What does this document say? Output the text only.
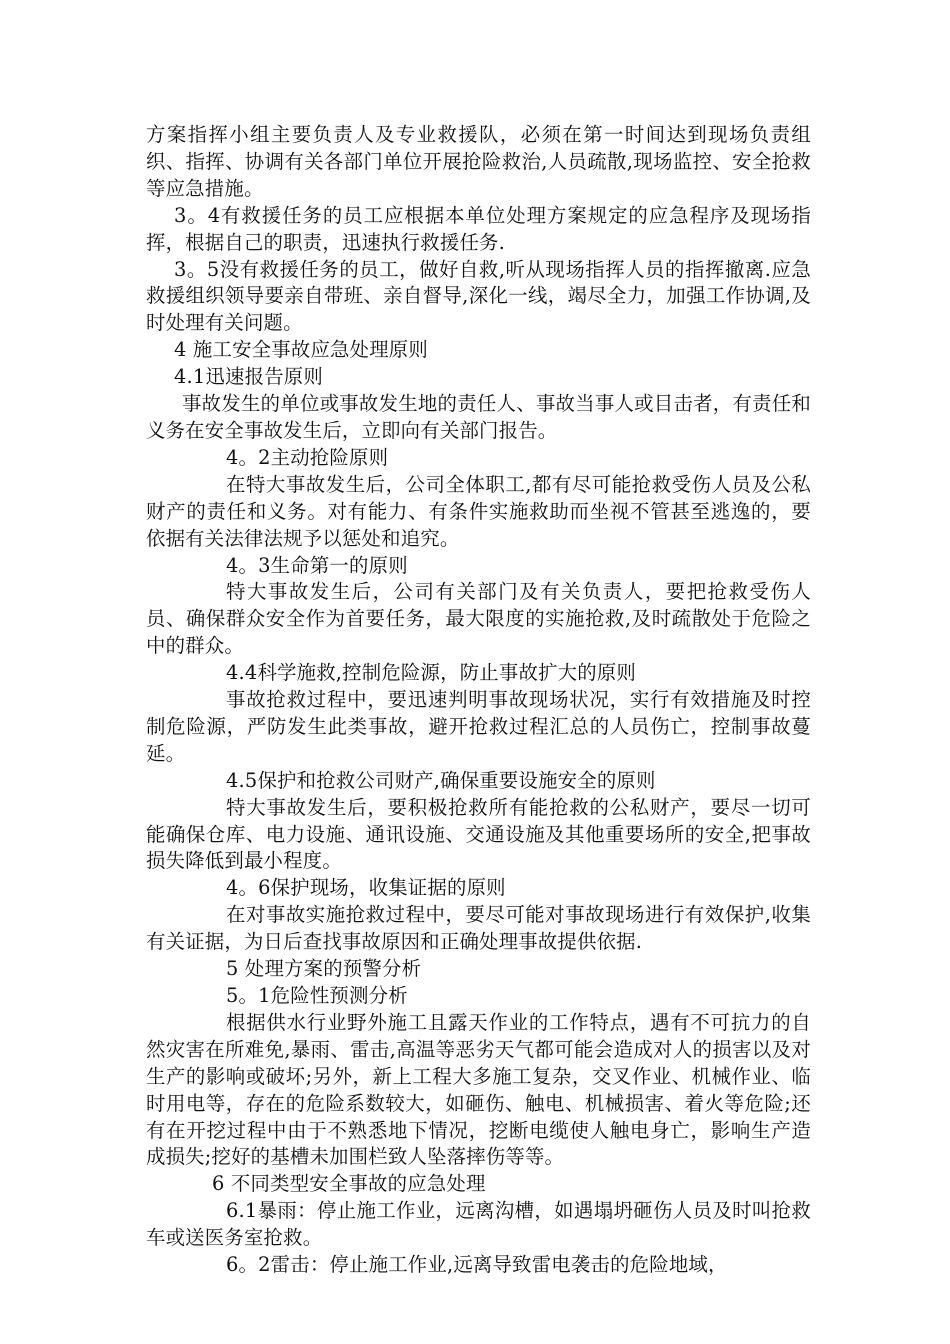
方案指挥小组主要负责人及专业救援队，必须在第一时间达到现场负责组织、指挥、协调有关各部门单位开展抢险救治,人员疏散,现场监控、安全抢救等应急措施。

3。4有救援任务的员工应根据本单位处理方案规定的应急程序及现场指挥，根据自己的职责，迅速执行救援任务.

3。5没有救援任务的员工，做好自救,听从现场指挥人员的指挥撤离.应急救援组织领导要亲自带班、亲自督导,深化一线，竭尽全力，加强工作协调,及时处理有关问题。

4 施工安全事故应急处理原则

4.1迅速报告原则

事故发生的单位或事故发生地的责任人、事故当事人或目击者，有责任和义务在安全事故发生后，立即向有关部门报告。

4。2主动抢险原则

在特大事故发生后，公司全体职工,都有尽可能抢救受伤人员及公私财产的责任和义务。对有能力、有条件实施救助而坐视不管甚至逃逸的，要依据有关法律法规予以惩处和追究。

4。3生命第一的原则

特大事故发生后，公司有关部门及有关负责人，要把抢救受伤人员、确保群众安全作为首要任务，最大限度的实施抢救,及时疏散处于危险之中的群众。

4.4科学施救,控制危险源，防止事故扩大的原则

事故抢救过程中，要迅速判明事故现场状况，实行有效措施及时控制危险源，严防发生此类事故，避开抢救过程汇总的人员伤亡，控制事故蔓延。

4.5保护和抢救公司财产,确保重要设施安全的原则

特大事故发生后，要积极抢救所有能抢救的公私财产，要尽一切可能确保仓库、电力设施、通讯设施、交通设施及其他重要场所的安全,把事故损失降低到最小程度。

4。6保护现场，收集证据的原则

在对事故实施抢救过程中，要尽可能对事故现场进行有效保护,收集有关证据，为日后查找事故原因和正确处理事故提供依据.

5 处理方案的预警分析

5。1危险性预测分析

根据供水行业野外施工且露天作业的工作特点，遇有不可抗力的自然灾害在所难免,暴雨、雷击,高温等恶劣天气都可能会造成对人的损害以及对生产的影响或破坏;另外，新上工程大多施工复杂，交叉作业、机械作业、临时用电等，存在的危险系数较大，如砸伤、触电、机械损害、着火等危险;还有在开挖过程中由于不熟悉地下情况，挖断电缆使人触电身亡，影响生产造成损失;挖好的基槽未加围栏致人坠落摔伤等等。

6 不同类型安全事故的应急处理

6.1暴雨：停止施工作业，远离沟槽，如遇塌坍砸伤人员及时叫抢救车或送医务室抢救。

6。2雷击：停止施工作业,远离导致雷电袭击的危险地域，
